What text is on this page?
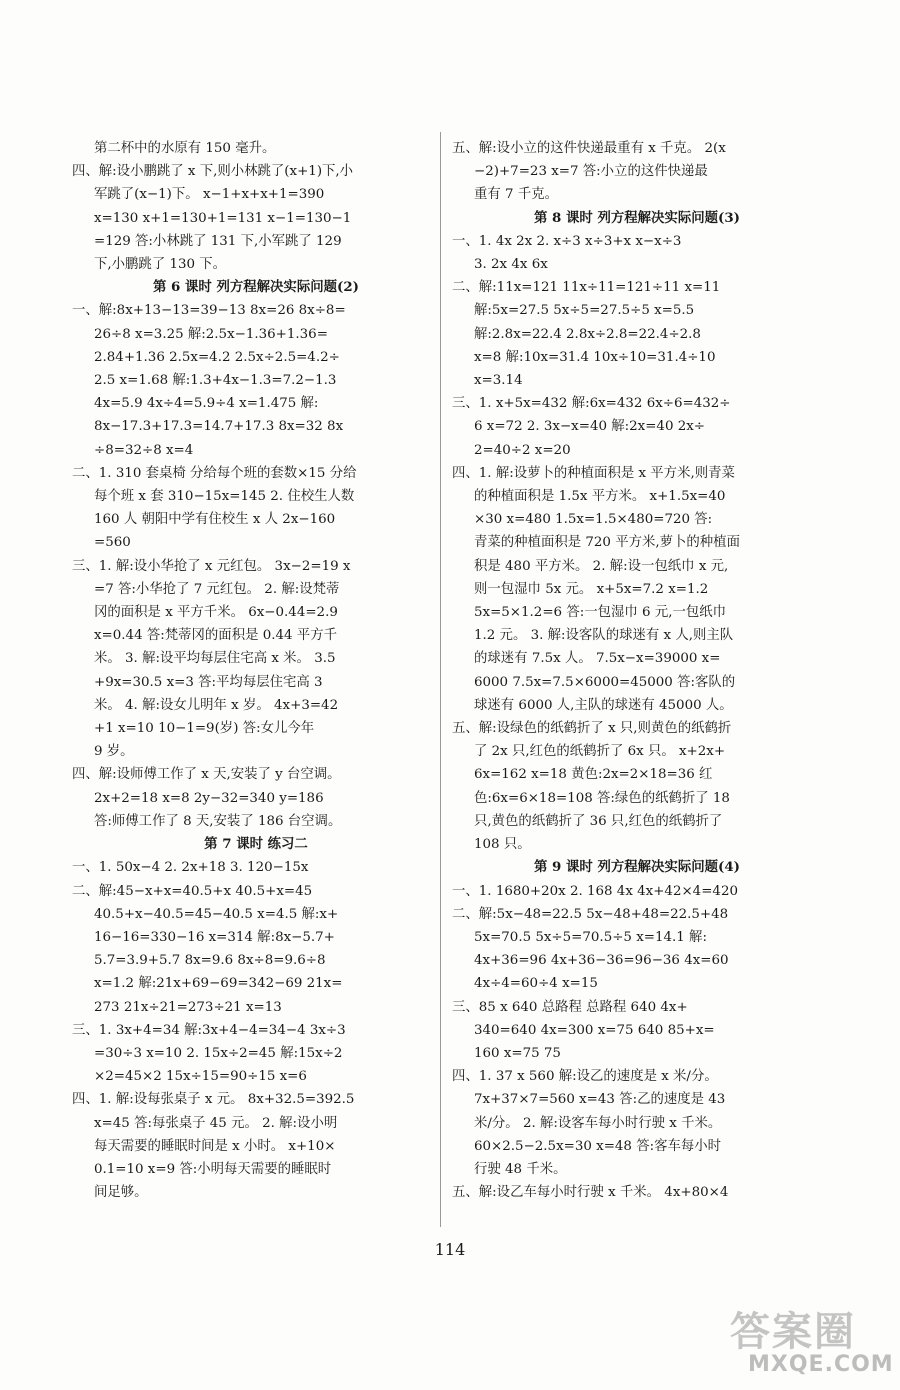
第二杯中的水原有 150 毫升。
四、解:设小鹏跳了 x 下,则小林跳了(x+1)下,小
军跳了(x−1)下。 x−1+x+x+1=390
x=130 x+1=130+1=131 x−1=130−1
=129 答:小林跳了 131 下,小军跳了 129
下,小鹏跳了 130 下。
第 6 课时 列方程解决实际问题(2)
一、解:8x+13−13=39−13 8x=26 8x÷8=
26÷8 x=3.25 解:2.5x−1.36+1.36=
2.84+1.36 2.5x=4.2 2.5x÷2.5=4.2÷
2.5 x=1.68 解:1.3+4x−1.3=7.2−1.3
4x=5.9 4x÷4=5.9÷4 x=1.475 解:
8x−17.3+17.3=14.7+17.3 8x=32 8x
÷8=32÷8 x=4
二、1. 310 套桌椅 分给每个班的套数×15 分给
每个班 x 套 310−15x=145 2. 住校生人数
160 人 朝阳中学有住校生 x 人 2x−160
=560
三、1. 解:设小华抢了 x 元红包。 3x−2=19 x
=7 答:小华抢了 7 元红包。 2. 解:设梵蒂
冈的面积是 x 平方千米。 6x−0.44=2.9
x=0.44 答:梵蒂冈的面积是 0.44 平方千
米。 3. 解:设平均每层住宅高 x 米。 3.5
+9x=30.5 x=3 答:平均每层住宅高 3
米。 4. 解:设女儿明年 x 岁。 4x+3=42
+1 x=10 10−1=9(岁) 答:女儿今年
9 岁。
四、解:设师傅工作了 x 天,安装了 y 台空调。
2x+2=18 x=8 2y−32=340 y=186
答:师傅工作了 8 天,安装了 186 台空调。
第 7 课时 练习二
一、1. 50x−4 2. 2x+18 3. 120−15x
二、解:45−x+x=40.5+x 40.5+x=45
40.5+x−40.5=45−40.5 x=4.5 解:x+
16−16=330−16 x=314 解:8x−5.7+
5.7=3.9+5.7 8x=9.6 8x÷8=9.6÷8
x=1.2 解:21x+69−69=342−69 21x=
273 21x÷21=273÷21 x=13
三、1. 3x+4=34 解:3x+4−4=34−4 3x÷3
=30÷3 x=10 2. 15x÷2=45 解:15x÷2
×2=45×2 15x÷15=90÷15 x=6
四、1. 解:设每张桌子 x 元。 8x+32.5=392.5
x=45 答:每张桌子 45 元。 2. 解:设小明
每天需要的睡眠时间是 x 小时。 x+10×
0.1=10 x=9 答:小明每天需要的睡眠时
间足够。
五、解:设小立的这件快递最重有 x 千克。 2(x
−2)+7=23 x=7 答:小立的这件快递最
重有 7 千克。
第 8 课时 列方程解决实际问题(3)
一、1. 4x 2x 2. x÷3 x÷3+x x−x÷3
3. 2x 4x 6x
二、解:11x=121 11x÷11=121÷11 x=11
解:5x=27.5 5x÷5=27.5÷5 x=5.5
解:2.8x=22.4 2.8x÷2.8=22.4÷2.8
x=8 解:10x=31.4 10x÷10=31.4÷10
x=3.14
三、1. x+5x=432 解:6x=432 6x÷6=432÷
6 x=72 2. 3x−x=40 解:2x=40 2x÷
2=40÷2 x=20
四、1. 解:设萝卜的种植面积是 x 平方米,则青菜
的种植面积是 1.5x 平方米。 x+1.5x=40
×30 x=480 1.5x=1.5×480=720 答:
青菜的种植面积是 720 平方米,萝卜的种植面
积是 480 平方米。 2. 解:设一包纸巾 x 元,
则一包湿巾 5x 元。 x+5x=7.2 x=1.2
5x=5×1.2=6 答:一包湿巾 6 元,一包纸巾
1.2 元。 3. 解:设客队的球迷有 x 人,则主队
的球迷有 7.5x 人。 7.5x−x=39000 x=
6000 7.5x=7.5×6000=45000 答:客队的
球迷有 6000 人,主队的球迷有 45000 人。
五、解:设绿色的纸鹤折了 x 只,则黄色的纸鹤折
了 2x 只,红色的纸鹤折了 6x 只。 x+2x+
6x=162 x=18 黄色:2x=2×18=36 红
色:6x=6×18=108 答:绿色的纸鹤折了 18
只,黄色的纸鹤折了 36 只,红色的纸鹤折了
108 只。
第 9 课时 列方程解决实际问题(4)
一、1. 1680+20x 2. 168 4x 4x+42×4=420
二、解:5x−48=22.5 5x−48+48=22.5+48
5x=70.5 5x÷5=70.5÷5 x=14.1 解:
4x+36=96 4x+36−36=96−36 4x=60
4x÷4=60÷4 x=15
三、85 x 640 总路程 总路程 640 4x+
340=640 4x=300 x=75 640 85+x=
160 x=75 75
四、1. 37 x 560 解:设乙的速度是 x 米/分。
7x+37×7=560 x=43 答:乙的速度是 43
米/分。 2. 解:设客车每小时行驶 x 千米。
60×2.5−2.5x=30 x=48 答:客车每小时
行驶 48 千米。
五、解:设乙车每小时行驶 x 千米。 4x+80×4
114
答案圈
MXQE.COM
